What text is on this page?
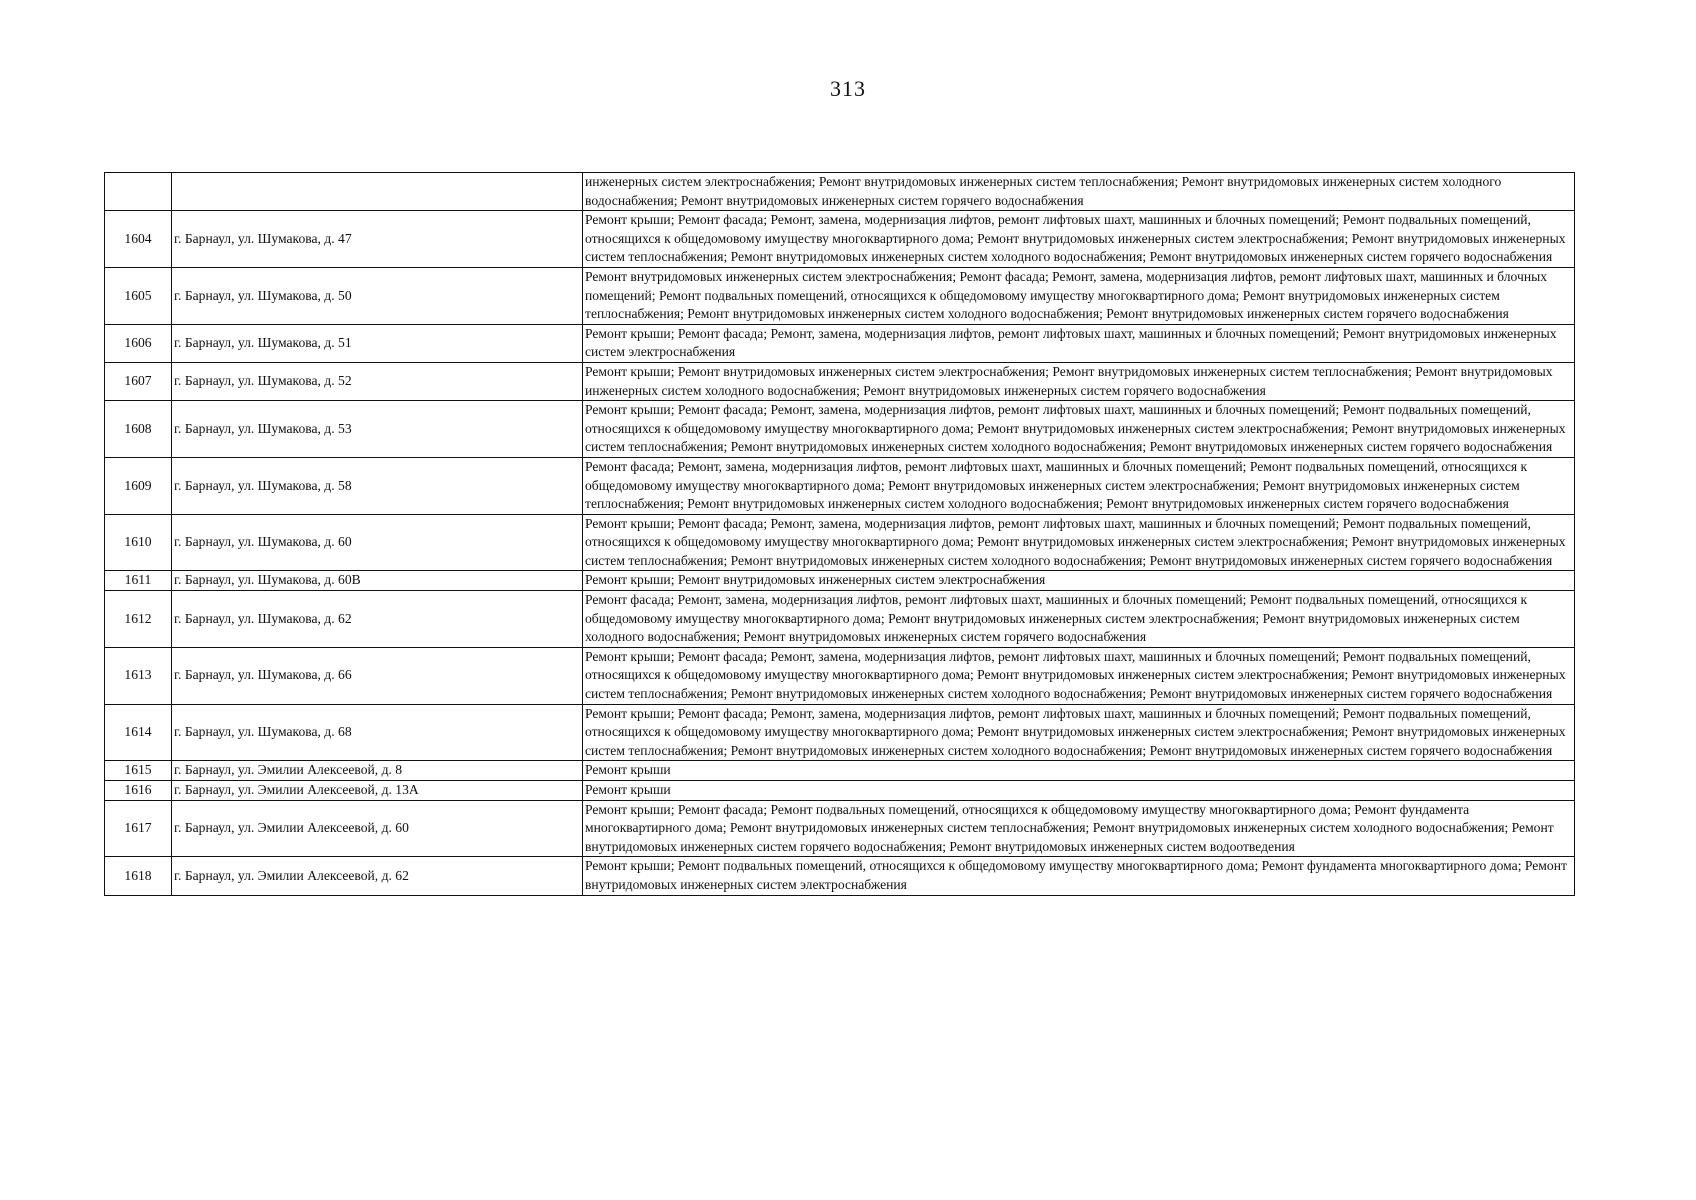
313
		инженерных систем электроснабжения; Ремонт внутридомовых инженерных систем теплоснабжения; Ремонт внутридомовых инженерных систем холодного водоснабжения; Ремонт внутридомовых инженерных систем горячего водоснабжения
1604	г. Барнаул, ул. Шумакова, д. 47	Ремонт крыши; Ремонт фасада; Ремонт, замена, модернизация лифтов, ремонт лифтовых шахт, машинных и блочных помещений; Ремонт подвальных помещений, относящихся к общедомовому имуществу многоквартирного дома; Ремонт внутридомовых инженерных систем электроснабжения; Ремонт внутридомовых инженерных систем теплоснабжения; Ремонт внутридомовых инженерных систем холодного водоснабжения; Ремонт внутридомовых инженерных систем горячего водоснабжения
1605	г. Барнаул, ул. Шумакова, д. 50	Ремонт внутридомовых инженерных систем электроснабжения; Ремонт фасада; Ремонт, замена, модернизация лифтов, ремонт лифтовых шахт, машинных и блочных помещений; Ремонт подвальных помещений, относящихся к общедомовому имуществу многоквартирного дома; Ремонт внутридомовых инженерных систем теплоснабжения; Ремонт внутридомовых инженерных систем холодного водоснабжения; Ремонт внутридомовых инженерных систем горячего водоснабжения
1606	г. Барнаул, ул. Шумакова, д. 51	Ремонт крыши; Ремонт фасада; Ремонт, замена, модернизация лифтов, ремонт лифтовых шахт, машинных и блочных помещений; Ремонт внутридомовых инженерных систем электроснабжения
1607	г. Барнаул, ул. Шумакова, д. 52	Ремонт крыши; Ремонт внутридомовых инженерных систем электроснабжения; Ремонт внутридомовых инженерных систем теплоснабжения; Ремонт внутридомовых инженерных систем холодного водоснабжения; Ремонт внутридомовых инженерных систем горячего водоснабжения
1608	г. Барнаул, ул. Шумакова, д. 53	Ремонт крыши; Ремонт фасада; Ремонт, замена, модернизация лифтов, ремонт лифтовых шахт, машинных и блочных помещений; Ремонт подвальных помещений, относящихся к общедомовому имуществу многоквартирного дома; Ремонт внутридомовых инженерных систем электроснабжения; Ремонт внутридомовых инженерных систем теплоснабжения; Ремонт внутридомовых инженерных систем холодного водоснабжения; Ремонт внутридомовых инженерных систем горячего водоснабжения
1609	г. Барнаул, ул. Шумакова, д. 58	Ремонт фасада; Ремонт, замена, модернизация лифтов, ремонт лифтовых шахт, машинных и блочных помещений; Ремонт подвальных помещений, относящихся к общедомовому имуществу многоквартирного дома; Ремонт внутридомовых инженерных систем электроснабжения; Ремонт внутридомовых инженерных систем теплоснабжения; Ремонт внутридомовых инженерных систем холодного водоснабжения; Ремонт внутридомовых инженерных систем горячего водоснабжения
1610	г. Барнаул, ул. Шумакова, д. 60	Ремонт крыши; Ремонт фасада; Ремонт, замена, модернизация лифтов, ремонт лифтовых шахт, машинных и блочных помещений; Ремонт подвальных помещений, относящихся к общедомовому имуществу многоквартирного дома; Ремонт внутридомовых инженерных систем электроснабжения; Ремонт внутридомовых инженерных систем теплоснабжения; Ремонт внутридомовых инженерных систем холодного водоснабжения; Ремонт внутридомовых инженерных систем горячего водоснабжения
1611	г. Барнаул, ул. Шумакова, д. 60В	Ремонт крыши; Ремонт внутридомовых инженерных систем электроснабжения
1612	г. Барнаул, ул. Шумакова, д. 62	Ремонт фасада; Ремонт, замена, модернизация лифтов, ремонт лифтовых шахт, машинных и блочных помещений; Ремонт подвальных помещений, относящихся к общедомовому имуществу многоквартирного дома; Ремонт внутридомовых инженерных систем электроснабжения; Ремонт внутридомовых инженерных систем холодного водоснабжения; Ремонт внутридомовых инженерных систем горячего водоснабжения
1613	г. Барнаул, ул. Шумакова, д. 66	Ремонт крыши; Ремонт фасада; Ремонт, замена, модернизация лифтов, ремонт лифтовых шахт, машинных и блочных помещений; Ремонт подвальных помещений, относящихся к общедомовому имуществу многоквартирного дома; Ремонт внутридомовых инженерных систем электроснабжения; Ремонт внутридомовых инженерных систем теплоснабжения; Ремонт внутридомовых инженерных систем холодного водоснабжения; Ремонт внутридомовых инженерных систем горячего водоснабжения
1614	г. Барнаул, ул. Шумакова, д. 68	Ремонт крыши; Ремонт фасада; Ремонт, замена, модернизация лифтов, ремонт лифтовых шахт, машинных и блочных помещений; Ремонт подвальных помещений, относящихся к общедомовому имуществу многоквартирного дома; Ремонт внутридомовых инженерных систем электроснабжения; Ремонт внутридомовых инженерных систем теплоснабжения; Ремонт внутридомовых инженерных систем холодного водоснабжения; Ремонт внутридомовых инженерных систем горячего водоснабжения
1615	г. Барнаул, ул. Эмилии Алексеевой, д. 8	Ремонт крыши
1616	г. Барнаул, ул. Эмилии Алексеевой, д. 13А	Ремонт крыши
1617	г. Барнаул, ул. Эмилии Алексеевой, д. 60	Ремонт крыши; Ремонт фасада; Ремонт подвальных помещений, относящихся к общедомовому имуществу многоквартирного дома; Ремонт фундамента многоквартирного дома; Ремонт внутридомовых инженерных систем теплоснабжения; Ремонт внутридомовых инженерных систем холодного водоснабжения; Ремонт внутридомовых инженерных систем горячего водоснабжения; Ремонт внутридомовых инженерных систем водоотведения
1618	г. Барнаул, ул. Эмилии Алексеевой, д. 62	Ремонт крыши; Ремонт подвальных помещений, относящихся к общедомовому имуществу многоквартирного дома; Ремонт фундамента многоквартирного дома; Ремонт внутридомовых инженерных систем электроснабжения
